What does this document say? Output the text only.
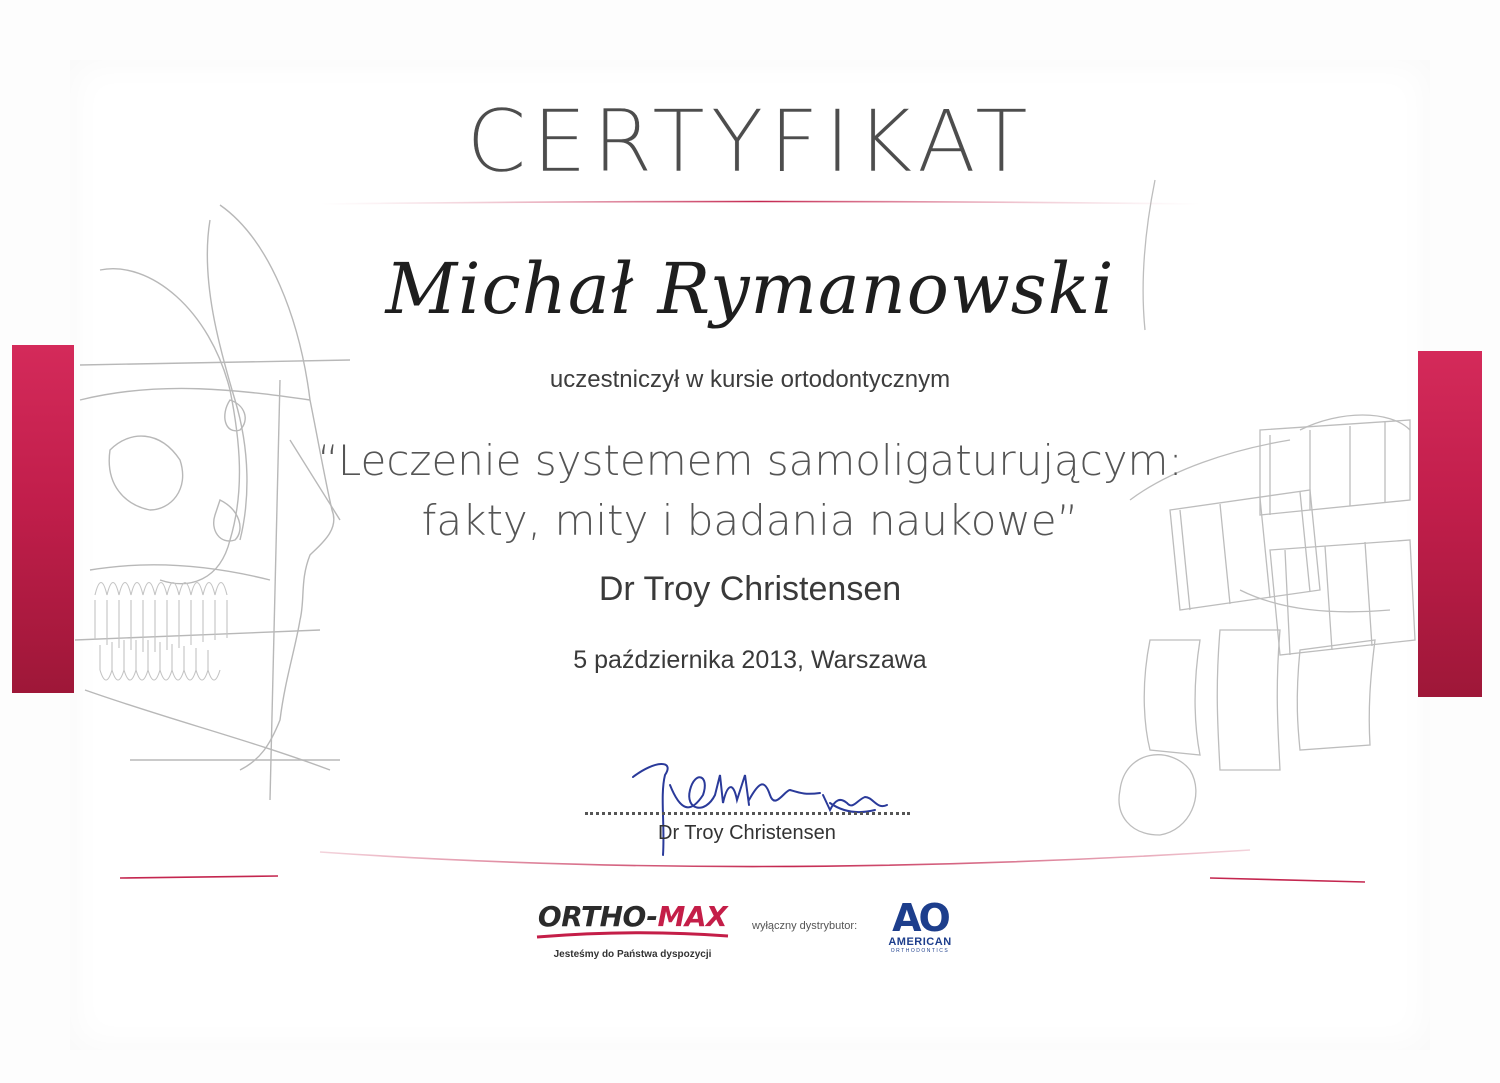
CERTYFIKAT
Michał Rymanowski
uczestniczył w kursie ortodontycznym
“Leczenie systemem samoligaturującym:
fakty, mity i badania naukowe”
Dr Troy Christensen
5 października 2013, Warszawa
Dr Troy Christensen
ORTHO-MAX
Jesteśmy do Państwa dyspozycji
wyłączny dystrybutor: AO
AMERICAN
ORTHODONTICS
